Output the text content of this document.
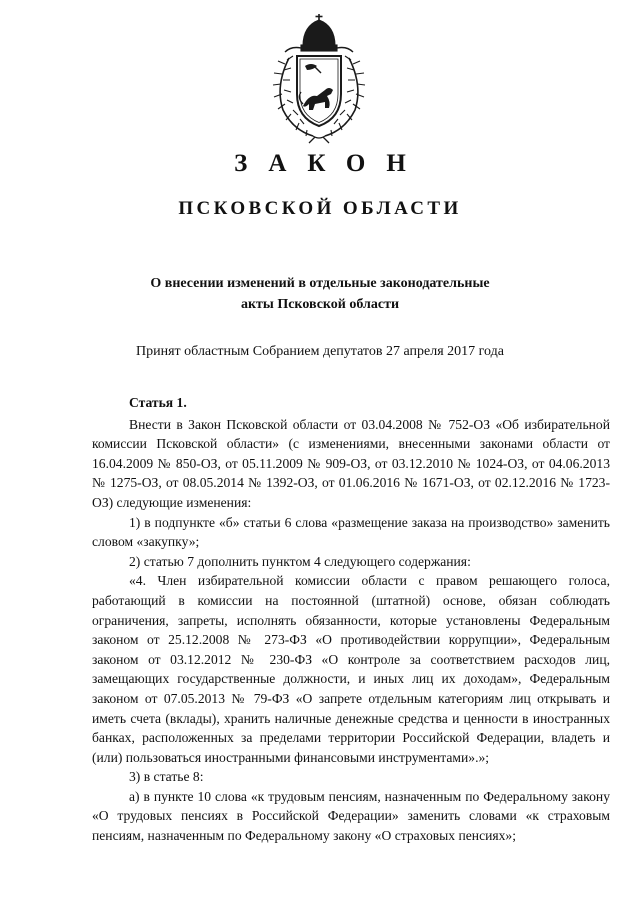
ЗАКОН
ПСКОВСКОЙ ОБЛАСТИ
О внесении изменений в отдельные законодательные
акты Псковской области
Принят областным Собранием депутатов 27 апреля 2017 года
Статья 1.

Внести в Закон Псковской области от 03.04.2008 № 752-ОЗ «Об избирательной комиссии Псковской области» (с изменениями, внесенными законами области от 16.04.2009 № 850-ОЗ, от 05.11.2009 № 909-ОЗ, от 03.12.2010 № 1024-ОЗ, от 04.06.2013 № 1275-ОЗ, от 08.05.2014 № 1392-ОЗ, от 01.06.2016 № 1671-ОЗ, от 02.12.2016 № 1723-ОЗ) следующие изменения:

1) в подпункте «б» статьи 6 слова «размещение заказа на производство» заменить словом «закупку»;

2) статью 7 дополнить пунктом 4 следующего содержания:

«4. Член избирательной комиссии области с правом решающего голоса, работающий в комиссии на постоянной (штатной) основе, обязан соблюдать ограничения, запреты, исполнять обязанности, которые установлены Федеральным законом от 25.12.2008 № 273-ФЗ «О противодействии коррупции», Федеральным законом от 03.12.2012 № 230-ФЗ «О контроле за соответствием расходов лиц, замещающих государственные должности, и иных лиц их доходам», Федеральным законом от 07.05.2013 № 79-ФЗ «О запрете отдельным категориям лиц открывать и иметь счета (вклады), хранить наличные денежные средства и ценности в иностранных банках, расположенных за пределами территории Российской Федерации, владеть и (или) пользоваться иностранными финансовыми инструментами».»;

3) в статье 8:

а) в пункте 10 слова «к трудовым пенсиям, назначенным по Федеральному закону «О трудовых пенсиях в Российской Федерации» заменить словами «к страховым пенсиям, назначенным по Федеральному закону «О страховых пенсиях»;
